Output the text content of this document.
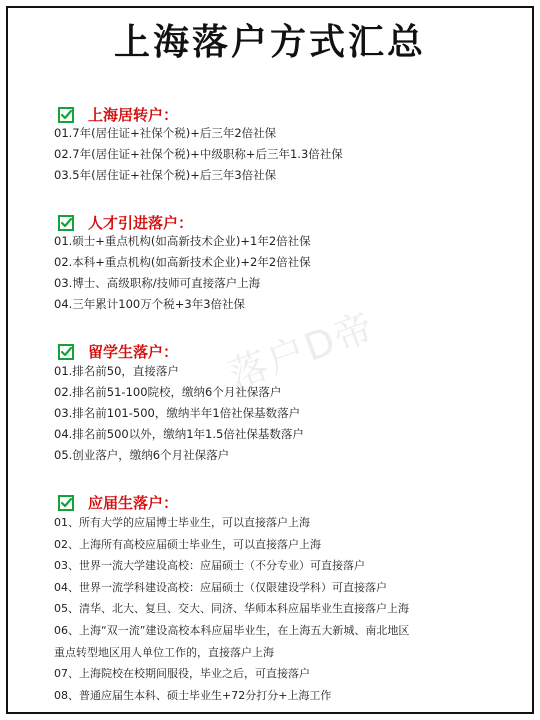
上海落户方式汇总
落户D帝
上海居转户：
01.7年(居住证+社保个税)+后三年2倍社保
02.7年(居住证+社保个税)+中级职称+后三年1.3倍社保
03.5年(居住证+社保个税)+后三年3倍社保
人才引进落户：
01.硕士+重点机构(如高新技术企业)+1年2倍社保
02.本科+重点机构(如高新技术企业)+2年2倍社保
03.博士、高级职称/技师可直接落户上海
04.三年累计100万个税+3年3倍社保
留学生落户：
01.排名前50，直接落户
02.排名前51-100院校，缴纳6个月社保落户
03.排名前101-500，缴纳半年1倍社保基数落户
04.排名前500以外，缴纳1年1.5倍社保基数落户
05.创业落户，缴纳6个月社保落户
应届生落户：
01、所有大学的应届博士毕业生，可以直接落户上海
02、上海所有高校应届硕士毕业生，可以直接落户上海
03、世界一流大学建设高校：应届硕士（不分专业）可直接落户
04、世界一流学科建设高校：应届硕士（仅限建设学科）可直接落户
05、清华、北大、复旦、交大、同济、华师本科应届毕业生直接落户上海
06、上海“双一流”建设高校本科应届毕业生，在上海五大新城、南北地区
重点转型地区用人单位工作的，直接落户上海
07、上海院校在校期间服役，毕业之后，可直接落户
08、普通应届生本科、硕士毕业生+72分打分+上海工作
